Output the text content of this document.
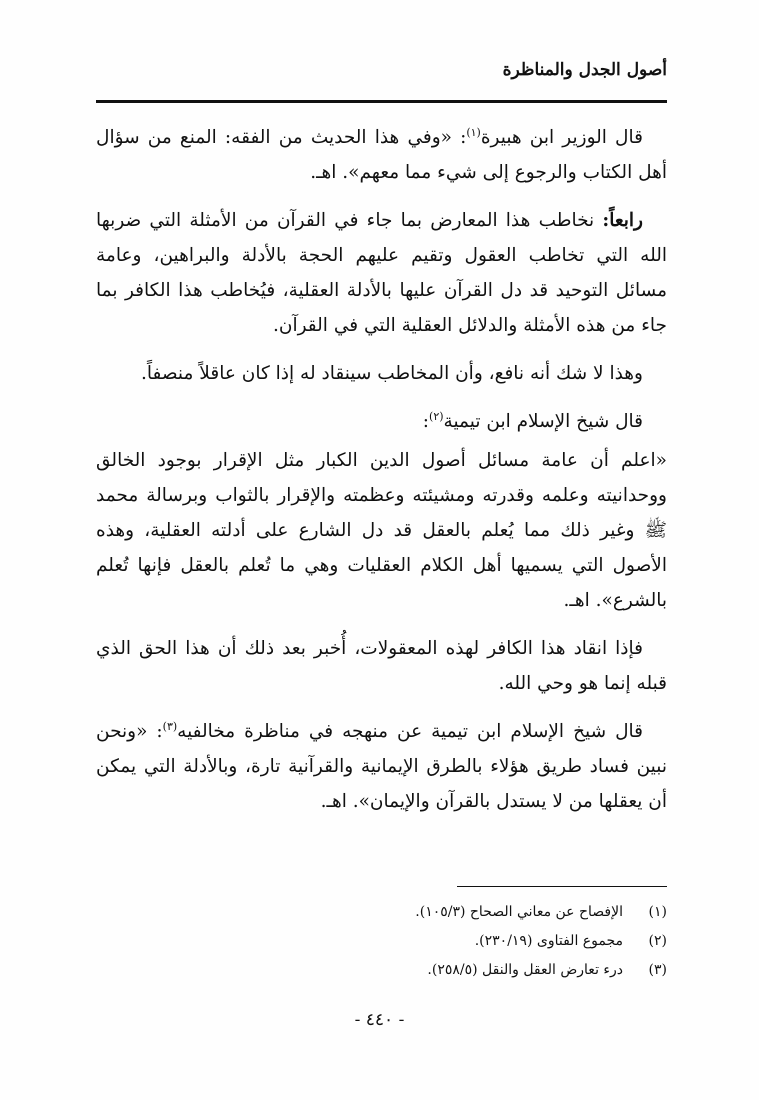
أصول الجدل والمناظرة

قال الوزير ابن هبيرة$^{(١)}$: «وفي هذا الحديث من الفقه: المنع من سؤال أهل الكتاب والرجوع إلى شيء مما معهم». اهـ.

رابعاً: نخاطب هذا المعارض بما جاء في القرآن من الأمثلة التي ضربها الله التي تخاطب العقول وتقيم عليهم الحجة بالأدلة والبراهين، وعامة مسائل التوحيد قد دل القرآن عليها بالأدلة العقلية، فيُخاطب هذا الكافر بما جاء من هذه الأمثلة والدلائل العقلية التي في القرآن.

وهذا لا شك أنه نافع، وأن المخاطب سينقاد له إذا كان عاقلاً منصفاً.

قال شيخ الإسلام ابن تيمية$^{(٢)}$:

«اعلم أن عامة مسائل أصول الدين الكبار مثل الإقرار بوجود الخالق ووحدانيته وعلمه وقدرته ومشيئته وعظمته والإقرار بالثواب وبرسالة محمد ﷺ وغير ذلك مما يُعلم بالعقل قد دل الشارع على أدلته العقلية، وهذه الأصول التي يسميها أهل الكلام العقليات وهي ما تُعلم بالعقل فإنها تُعلم بالشرع». اهـ.

فإذا انقاد هذا الكافر لهذه المعقولات، أُخبر بعد ذلك أن هذا الحق الذي قبله إنما هو وحي الله.

قال شيخ الإسلام ابن تيمية عن منهجه في مناظرة مخالفيه$^{(٣)}$: «ونحن نبين فساد طريق هؤلاء بالطرق الإيمانية والقرآنية تارة، وبالأدلة التي يمكن أن يعقلها من لا يستدل بالقرآن والإيمان». اهـ.

(١)
الإفصاح عن معاني الصحاح (١٠٥/٣).
(٢)
مجموع الفتاوى (٢٣٠/١٩).
(٣)
درء تعارض العقل والنقل (٢٥٨/٥).
- ٤٤٠ -
